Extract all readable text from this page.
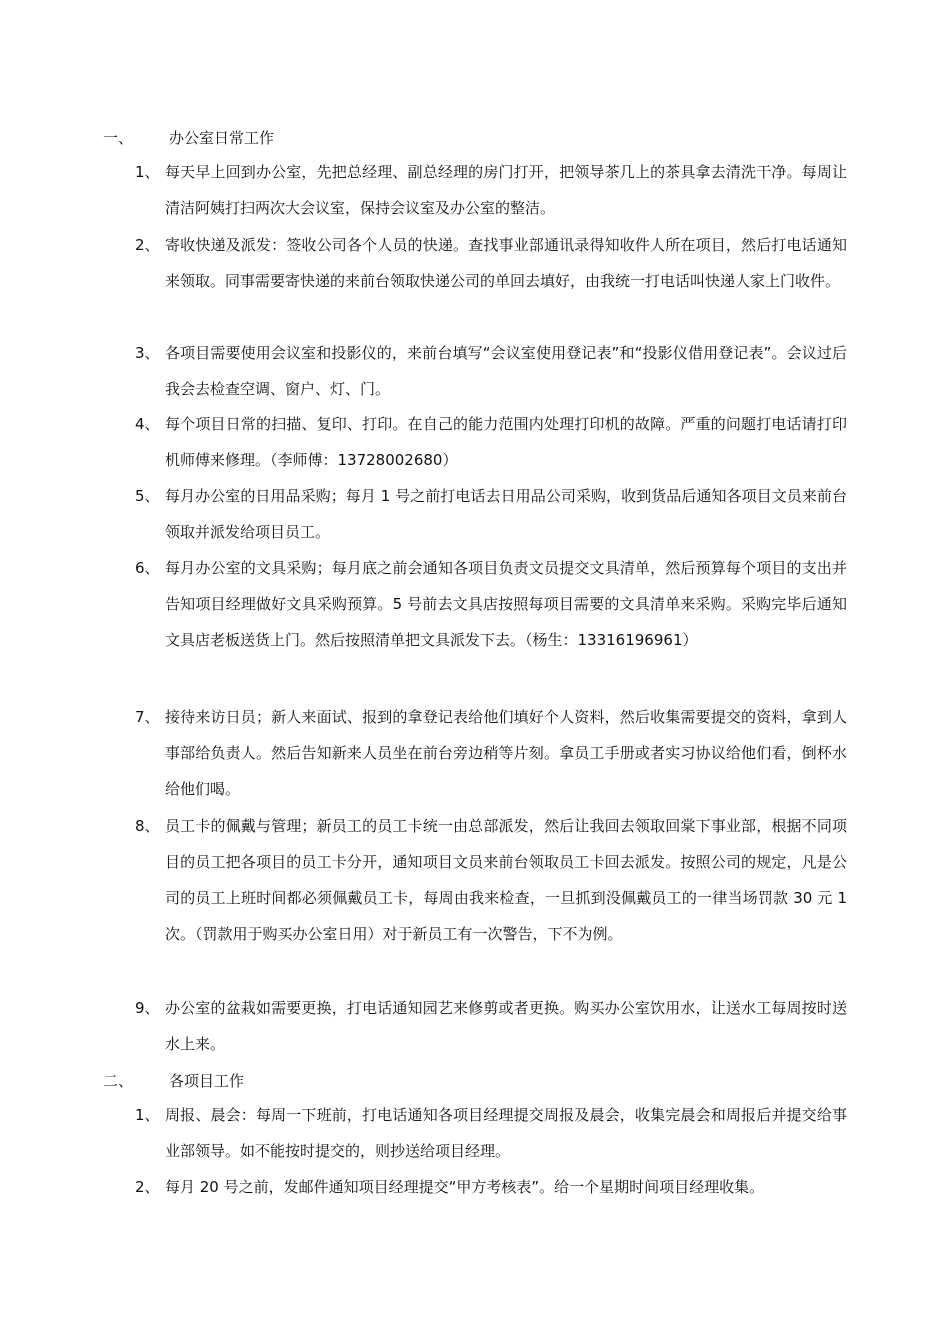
一、 办公室日常工作
1、 每天早上回到办公室，先把总经理、副总经理的房门打开，把领导茶几上的茶具拿去清洗干净。每周让清洁阿姨打扫两次大会议室，保持会议室及办公室的整洁。
2、 寄收快递及派发：签收公司各个人员的快递。查找事业部通讯录得知收件人所在项目，然后打电话通知来领取。同事需要寄快递的来前台领取快递公司的单回去填好，由我统一打电话叫快递人家上门收件。
3、 各项目需要使用会议室和投影仪的，来前台填写“会议室使用登记表”和“投影仪借用登记表”。会议过后我会去检查空调、窗户、灯、门。
4、 每个项目日常的扫描、复印、打印。在自己的能力范围内处理打印机的故障。严重的问题打电话请打印机师傅来修理。（李师傅：13728002680）
5、 每月办公室的日用品采购；每月 1 号之前打电话去日用品公司采购，收到货品后通知各项目文员来前台领取并派发给项目员工。
6、 每月办公室的文具采购；每月底之前会通知各项目负责文员提交文具清单，然后预算每个项目的支出并告知项目经理做好文具采购预算。5 号前去文具店按照每项目需要的文具清单来采购。采购完毕后通知文具店老板送货上门。然后按照清单把文具派发下去。（杨生：13316196961）
7、 接待来访日员；新人来面试、报到的拿登记表给他们填好个人资料，然后收集需要提交的资料，拿到人事部给负责人。然后告知新来人员坐在前台旁边稍等片刻。拿员工手册或者实习协议给他们看，倒杯水给他们喝。
8、 员工卡的佩戴与管理；新员工的员工卡统一由总部派发，然后让我回去领取回棠下事业部，根据不同项目的员工把各项目的员工卡分开，通知项目文员来前台领取员工卡回去派发。按照公司的规定，凡是公司的员工上班时间都必须佩戴员工卡，每周由我来检查，一旦抓到没佩戴员工的一律当场罚款 30 元 1 次。（罚款用于购买办公室日用）对于新员工有一次警告，下不为例。
9、 办公室的盆栽如需要更换，打电话通知园艺来修剪或者更换。购买办公室饮用水，让送水工每周按时送水上来。
二、 各项目工作
1、 周报、晨会：每周一下班前，打电话通知各项目经理提交周报及晨会，收集完晨会和周报后并提交给事业部领导。如不能按时提交的，则抄送给项目经理。
2、 每月 20 号之前，发邮件通知项目经理提交“甲方考核表”。给一个星期时间项目经理收集。
